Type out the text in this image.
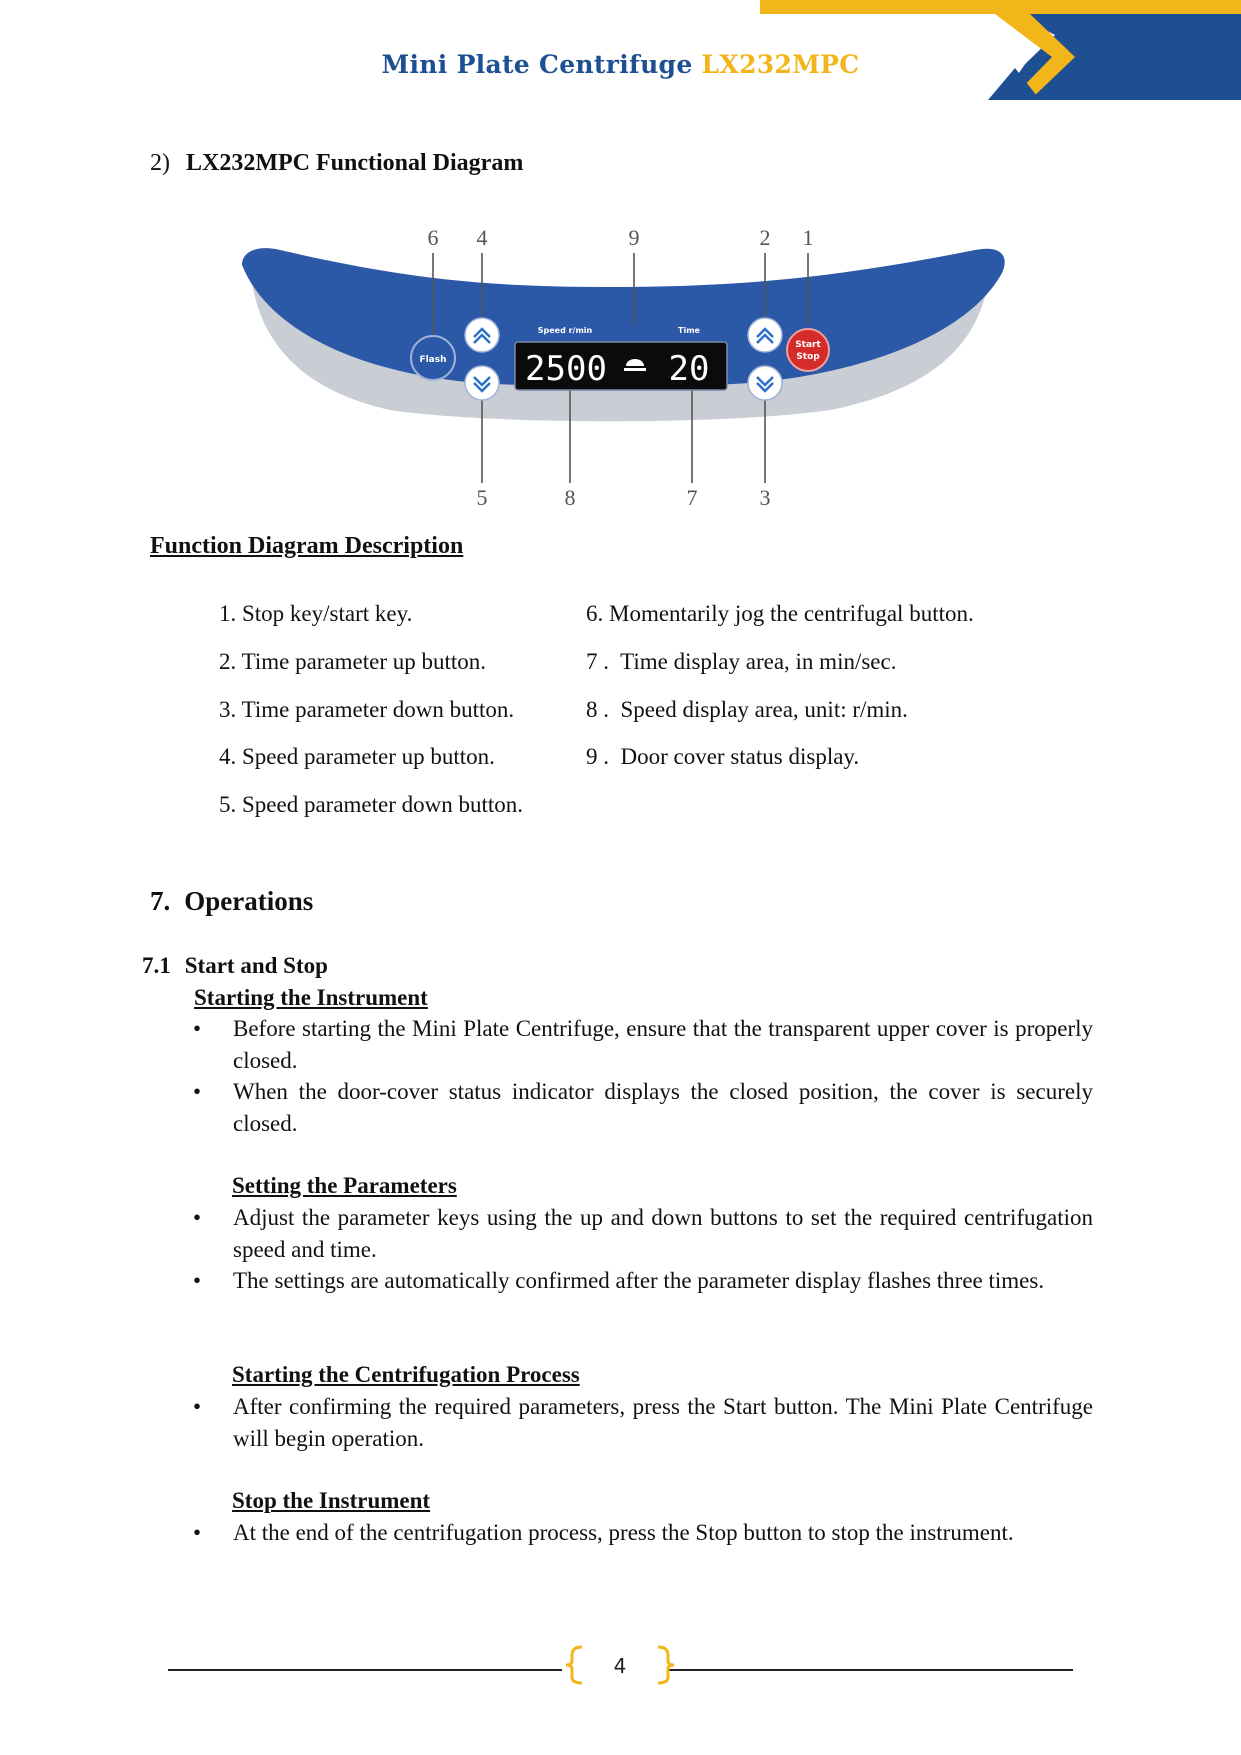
Mini Plate Centrifuge LX232MPC
2) LX232MPC Functional Diagram
6 4	9	2 1
5	8	7	3
Speed r/min	Time
2500 20
Flash
Start
Stop
Function Diagram Description
1. Stop key/start key.
2. Time parameter up button.
3. Time parameter down button.
4. Speed parameter up button.
5. Speed parameter down button.
6. Momentarily jog the centrifugal button.
7 .  Time display area, in min/sec.
8 .  Speed display area, unit: r/min.
9 .  Door cover status display.
7. Operations
7.1 Start and Stop
Starting the Instrument
• Before starting the Mini Plate Centrifuge, ensure that the transparent upper cover is properly closed.
• When the door-cover status indicator displays the closed position, the cover is securely closed.
Setting the Parameters
• Adjust the parameter keys using the up and down buttons to set the required centrifugation speed and time.
• The settings are automatically confirmed after the parameter display flashes three times.
Starting the Centrifugation Process
• After confirming the required parameters, press the Start button. The Mini Plate Centrifuge will begin operation.
Stop the Instrument
• At the end of the centrifugation process, press the Stop button to stop the instrument.
4
